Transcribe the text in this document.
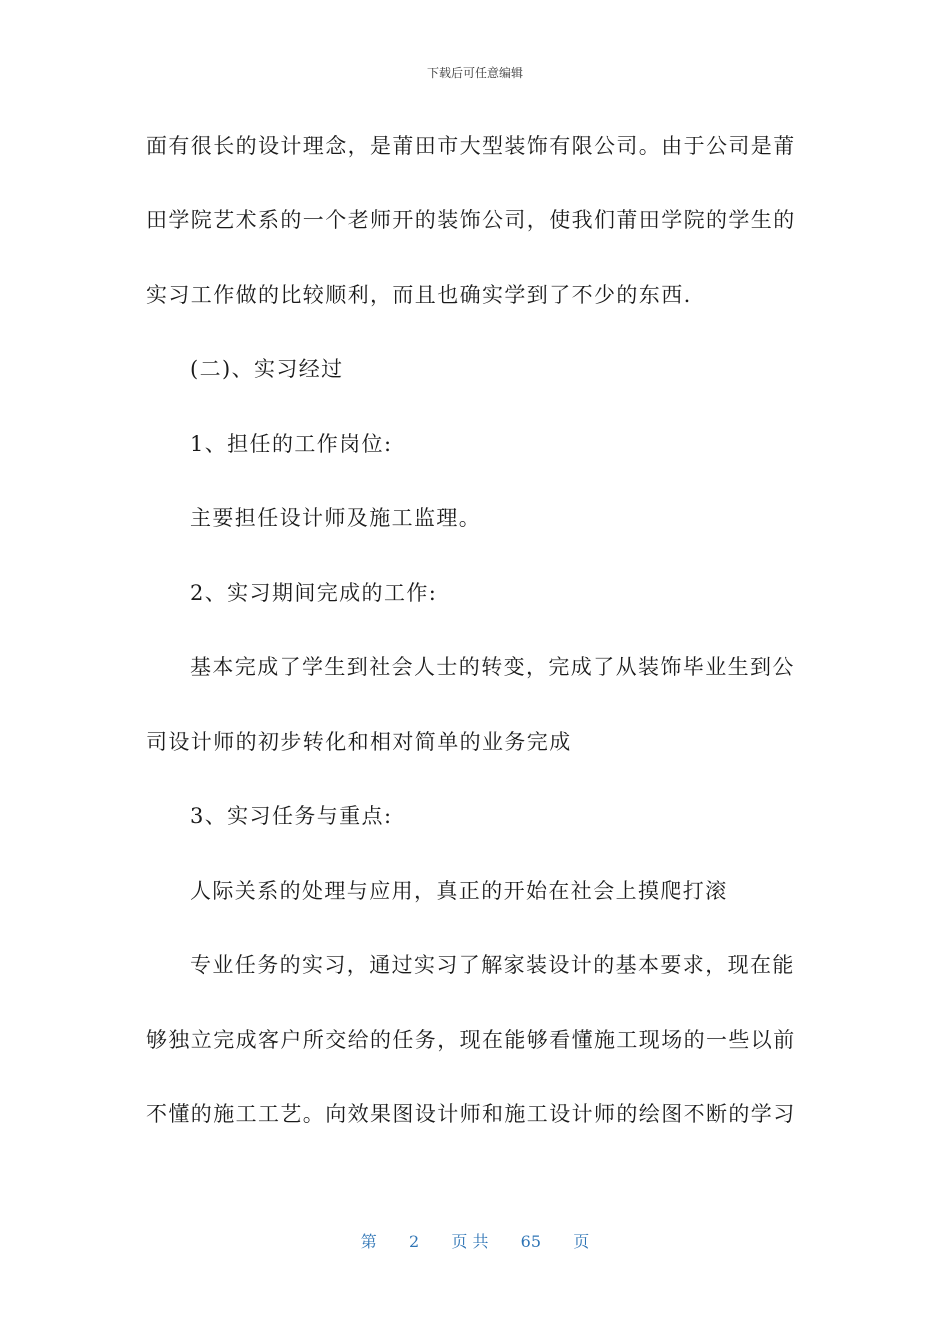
下载后可任意编辑
面有很长的设计理念，是莆田市大型装饰有限公司。由于公司是莆
田学院艺术系的一个老师开的装饰公司，使我们莆田学院的学生的
实习工作做的比较顺利，而且也确实学到了不少的东西.
(二)、实习经过
1、担任的工作岗位:
主要担任设计师及施工监理。
2、实习期间完成的工作:
基本完成了学生到社会人士的转变，完成了从装饰毕业生到公
司设计师的初步转化和相对简单的业务完成
3、实习任务与重点:
人际关系的处理与应用，真正的开始在社会上摸爬打滚
专业任务的实习，通过实习了解家装设计的基本要求，现在能
够独立完成客户所交给的任务，现在能够看懂施工现场的一些以前
不懂的施工工艺。向效果图设计师和施工设计师的绘图不断的学习
第 2 页 共 65 页
